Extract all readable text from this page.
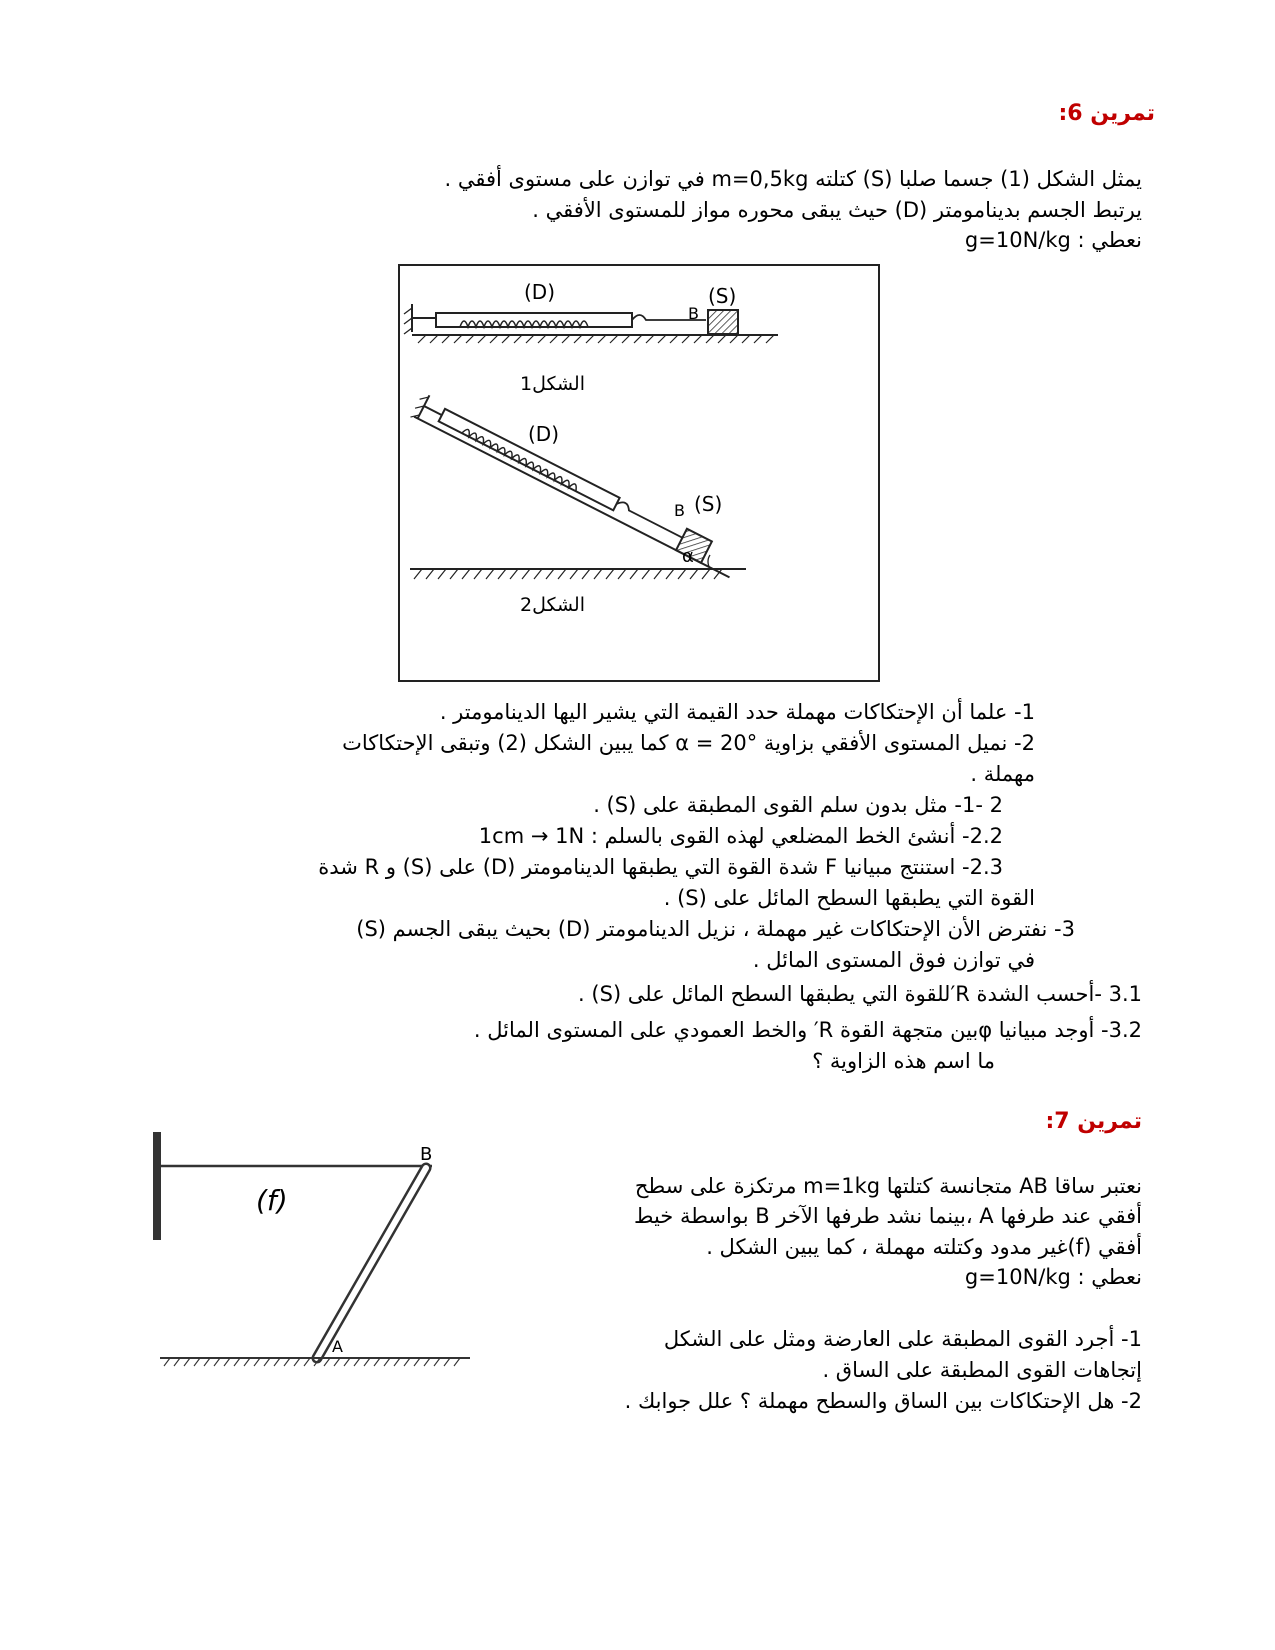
تمرين 6:
يمثل الشكل (1) جسما صلبا (S) كتلته m=0,5kg في توازن على مستوى أفقي .
يرتبط الجسم بدينامومتر (D) حيث يبقى محوره مواز للمستوى الأفقي .
نعطي : g=10N/kg
(D)	(S)
B
الشكل1
α
(D)
(S)
B
الشكل2
1- علما أن الإحتكاكات مهملة حدد القيمة التي يشير اليها الدينامومتر .
2- نميل المستوى الأفقي بزاوية α = 20° كما يبين الشكل (2) وتبقى الإحتكاكات
مهملة .
2 -1- مثل بدون سلم القوى المطبقة على (S) .
2.2- أنشئ الخط المضلعي لهذه القوى بالسلم : 1cm → 1N
2.3- استنتج مبيانيا F شدة القوة التي يطبقها الدينامومتر (D) على (S) و R شدة
القوة التي يطبقها السطح المائل على (S) .
3- نفترض الأن الإحتكاكات غير مهملة ، نزيل الدينامومتر (D) بحيث يبقى الجسم (S)
في توازن فوق المستوى المائل .
3.1 -أحسب الشدة R′للقوة التي يطبقها السطح المائل على (S) .
3.2- أوجد مبيانيا φبين متجهة القوة R′ والخط العمودي على المستوى المائل .
ما اسم هذه الزاوية ؟
تمرين 7:
(f)
B
A
نعتبر ساقا AB متجانسة كتلتها m=1kg مرتكزة على سطح
أفقي عند طرفها A ،بينما نشد طرفها الآخر B بواسطة خيط
أفقي (f)غير مدود وكتلته مهملة ، كما يبين الشكل .
نعطي : g=10N/kg
1- أجرد القوى المطبقة على العارضة ومثل على الشكل
إتجاهات القوى المطبقة على الساق .
2- هل الإحتكاكات بين الساق والسطح مهملة ؟ علل جوابك .
